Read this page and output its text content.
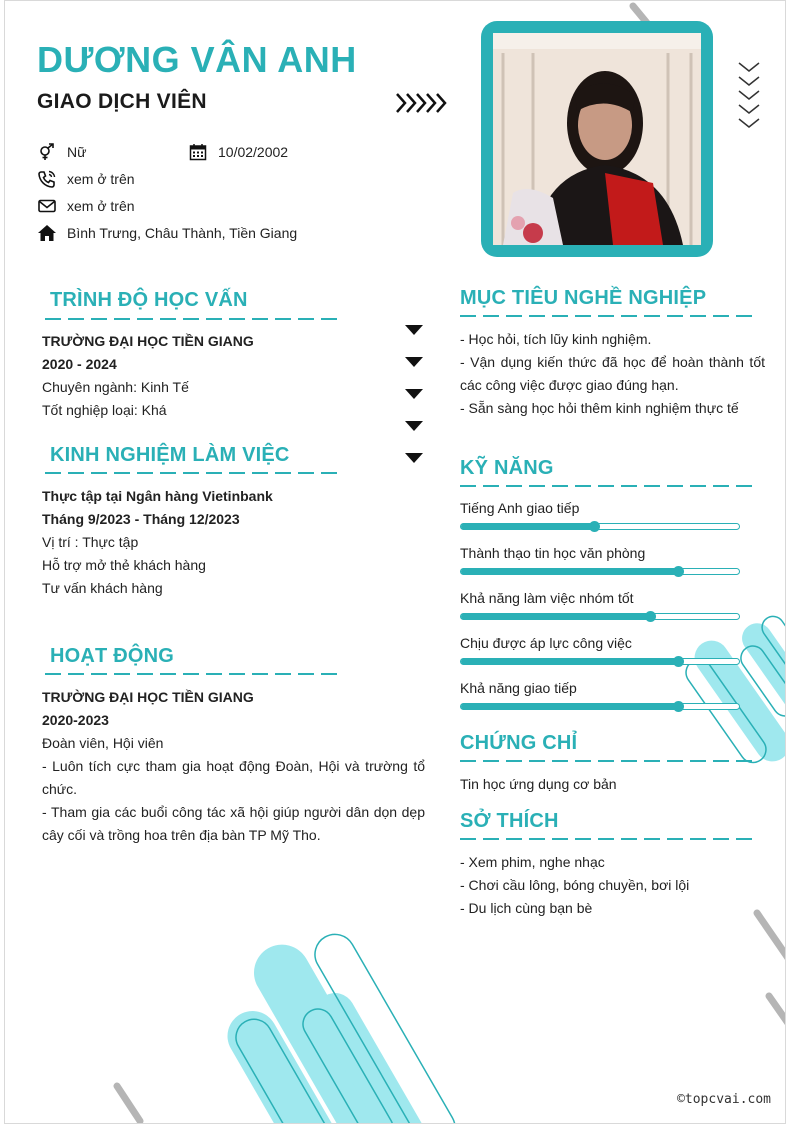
DƯƠNG VÂN ANH
GIAO DỊCH VIÊN
Nữ	10/02/2002
xem ở trên
xem ở trên
Bình Trưng, Châu Thành, Tiền Giang
TRÌNH ĐỘ HỌC VẤN
TRƯỜNG ĐẠI HỌC TIỀN GIANG
2020 - 2024
Chuyên ngành: Kinh Tế
Tốt nghiệp loại: Khá
KINH NGHIỆM LÀM VIỆC
Thực tập tại Ngân hàng Vietinbank
Tháng 9/2023 - Tháng 12/2023
Vị trí : Thực tập
Hỗ trợ mở thẻ khách hàng
Tư vấn khách hàng
HOẠT ĐỘNG
TRƯỜNG ĐẠI HỌC TIỀN GIANG
2020-2023
Đoàn viên, Hội viên
- Luôn tích cực tham gia hoạt động Đoàn, Hội và trường tổ chức.
- Tham gia các buổi công tác xã hội giúp người dân dọn dẹp cây cối và trồng hoa trên địa bàn TP Mỹ Tho.
MỤC TIÊU NGHỀ NGHIỆP
- Học hỏi, tích lũy kinh nghiệm.
- Vận dụng kiến thức đã học để hoàn thành tốt các công việc được giao đúng hạn.
- Sẵn sàng học hỏi thêm kinh nghiệm thực tế
KỸ NĂNG
Tiếng Anh giao tiếp
Thành thạo tin học văn phòng
Khả năng làm việc nhóm tốt
Chịu được áp lực công việc
Khả năng giao tiếp
CHỨNG CHỈ
Tin học ứng dụng cơ bản
SỞ THÍCH
- Xem phim, nghe nhạc
- Chơi cầu lông, bóng chuyền, bơi lội
- Du lịch cùng bạn bè
©topcvai.com
